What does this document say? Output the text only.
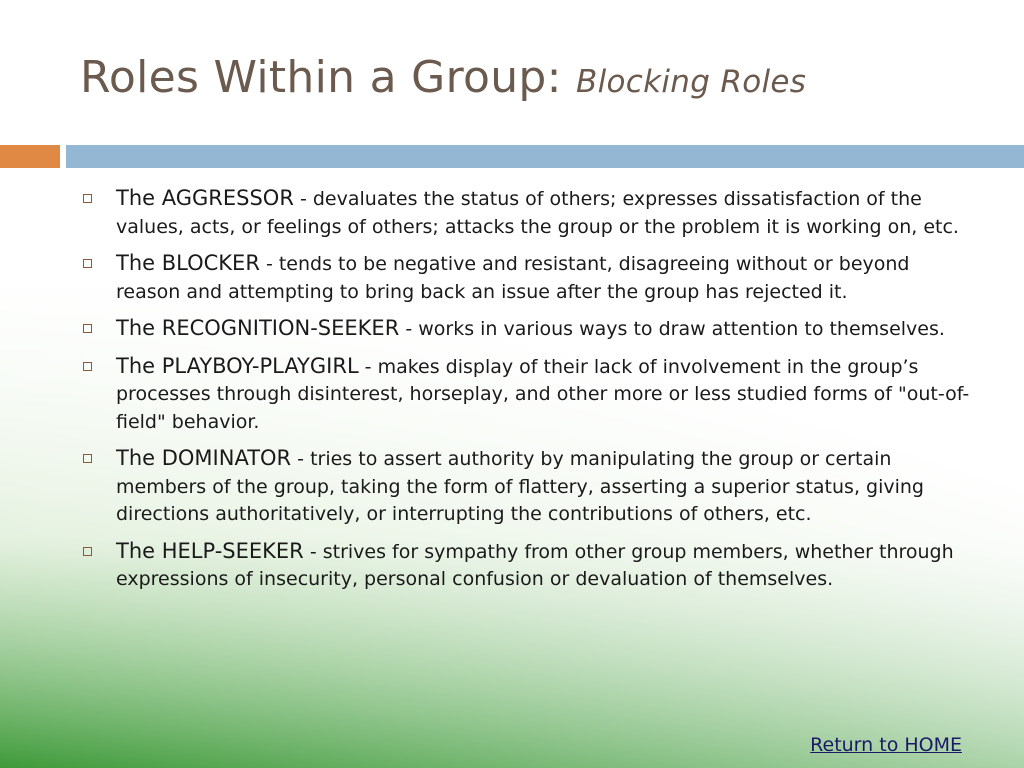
Roles Within a Group: Blocking Roles
The AGGRESSOR - devaluates the status of others; expresses dissatisfaction of the values, acts, or feelings of others; attacks the group or the problem it is working on, etc.
The BLOCKER - tends to be negative and resistant, disagreeing without or beyond reason and attempting to bring back an issue after the group has rejected it.
The RECOGNITION-SEEKER - works in various ways to draw attention to themselves.
The PLAYBOY-PLAYGIRL - makes display of their lack of involvement in the group’s processes through disinterest, horseplay, and other more or less studied forms of "out-of-field" behavior.
The DOMINATOR - tries to assert authority by manipulating the group or certain members of the group, taking the form of flattery, asserting a superior status, giving directions authoritatively, or interrupting the contributions of others, etc.
The HELP-SEEKER - strives for sympathy from other group members, whether through expressions of insecurity, personal confusion or devaluation of themselves.
Return to HOME
